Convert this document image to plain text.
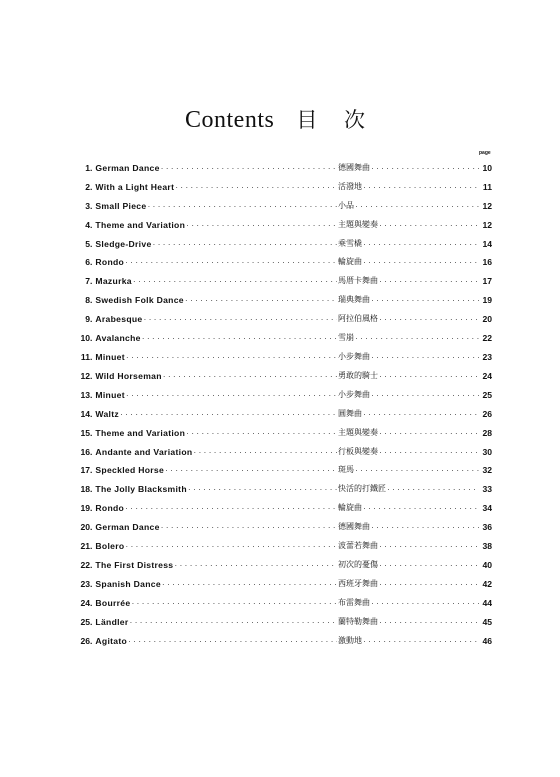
Contents 目 次
page
1 . German Dance ·····	德國舞曲 ·····	10
2 . With a Light Heart ·····	活潑地 ·····	11
3 . Small Piece ·····	小品 ·····	12
4 . Theme and Variation ·····	主題與變奏 ·····	12
5 . Sledge-Drive ·····	乘雪橇 ·····	14
6 . Rondo ·····	輪旋曲 ·····	16
7 . Mazurka ·····	馬厝卡舞曲 ·····	17
8 . Swedish Folk Dance ·····	瑞典舞曲 ·····	19
9 . Arabesque ·····	阿拉伯風格 ·····	20
10 . Avalanche ·····	雪崩 ·····	22
11 . Minuet ·····	小步舞曲 ·····	23
12 . Wild Horseman ·····	勇敢的騎士 ·····	24
13 . Minuet ·····	小步舞曲 ·····	25
14 . Waltz ·····	圓舞曲 ·····	26
15 . Theme and Variation ·····	主題與變奏 ·····	28
16 . Andante and Variation ·····	行板與變奏 ·····	30
17 . Speckled Horse ·····	斑馬 ·····	32
18 . The Jolly Blacksmith ·····	快活的打鐵匠 ·····	33
19 . Rondo ·····	輪旋曲 ·····	34
20 . German Dance ·····	德國舞曲 ·····	36
21 . Bolero ·····	波蕾若舞曲 ·····	38
22 . The First Distress ·····	初次的憂傷 ·····	40
23 . Spanish Dance ·····	西班牙舞曲 ·····	42
24 . Bourrée ·····	布雷舞曲 ·····	44
25 . Ländler ·····	蘭特勒舞曲 ·····	45
26 . Agitato ·····	激動地 ·····	46
